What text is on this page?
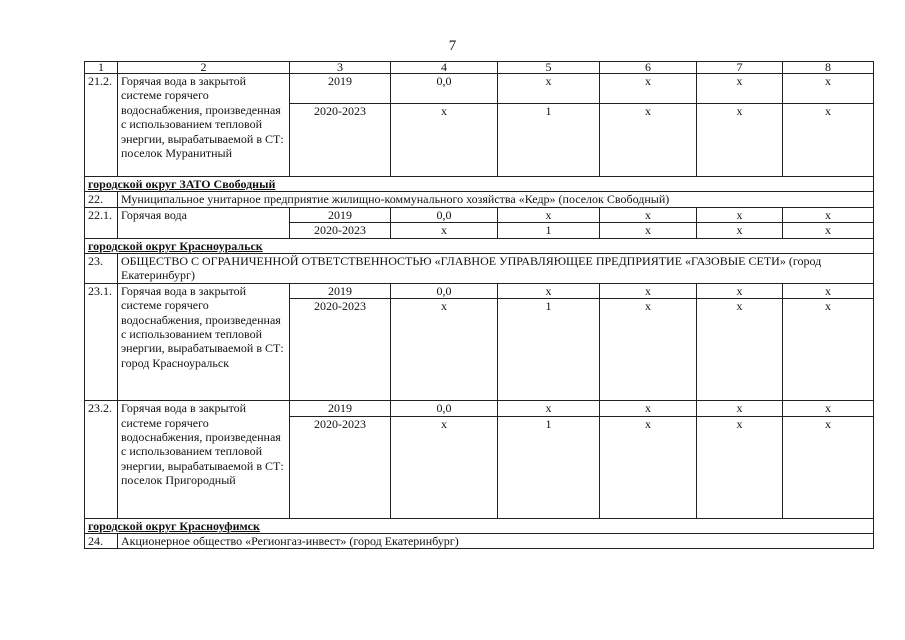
7
1	2	3	4	5	6	7	8
21.2.	Горячая вода в закрытой системе горячего водоснабжения, произведенная с использованием тепловой энергии, вырабатываемой в СТ: поселок Муранитный	2019	0,0	х	х	х	х
		2020-2023	х	1	х	х	х
городской округ ЗАТО Свободный							
22.	Муниципальное унитарное предприятие жилищно-коммунального хозяйства «Кедр» (поселок Свободный)						
22.1.	Горячая вода	2019	0,0	х	х	х	х
		2020-2023	х	1	х	х	х
городской округ Красноуральск							
23.	ОБЩЕСТВО С ОГРАНИЧЕННОЙ ОТВЕТСТВЕННОСТЬЮ «ГЛАВНОЕ УПРАВЛЯЮЩЕЕ ПРЕДПРИЯТИЕ «ГАЗОВЫЕ СЕТИ» (город Екатеринбург)						
23.1.	Горячая вода в закрытой системе горячего водоснабжения, произведенная с использованием тепловой энергии, вырабатываемой в СТ: город Красноуральск	2019	0,0	х	х	х	х
		2020-2023	х	1	х	х	х
23.2.	Горячая вода в закрытой системе горячего водоснабжения, произведенная с использованием тепловой энергии, вырабатываемой в СТ: поселок Пригородный	2019	0,0	х	х	х	х
		2020-2023	х	1	х	х	х
городской округ Красноуфимск							
24.	Акционерное общество «Регионгаз-инвест» (город Екатеринбург)						
